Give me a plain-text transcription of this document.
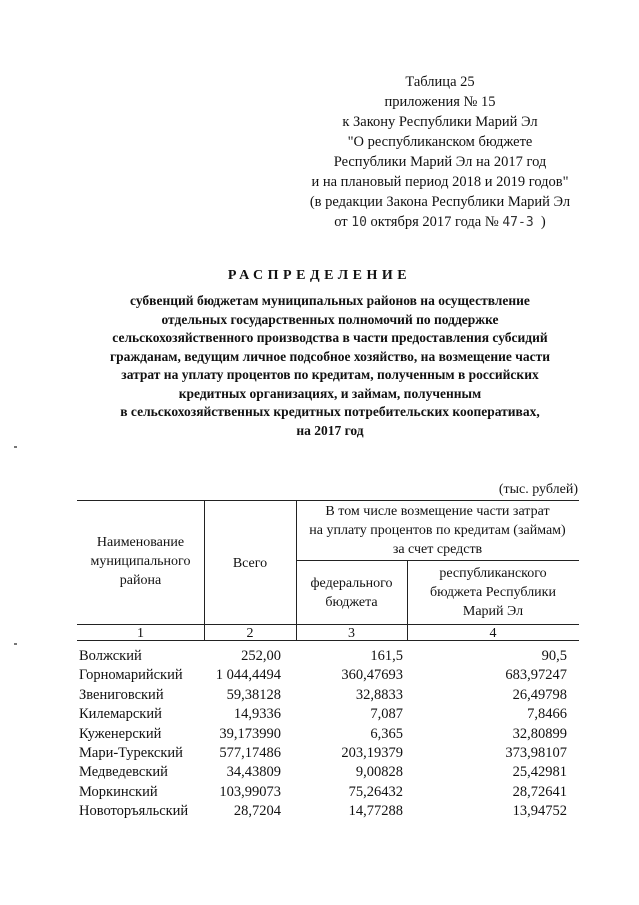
Таблица 25
приложения № 15
к Закону Республики Марий Эл
"О республиканском бюджете
Республики Марий Эл на 2017 год
и на плановый период 2018 и 2019 годов"
(в редакции Закона Республики Марий Эл
от 10 октября 2017 года № 47-З )
РАСПРЕДЕЛЕНИЕ
субвенций бюджетам муниципальных районов на осуществление
отдельных государственных полномочий по поддержке
сельскохозяйственного производства в части предоставления субсидий
гражданам, ведущим личное подсобное хозяйство, на возмещение части
затрат на уплату процентов по кредитам, полученным в российских
кредитных организациях, и займам, полученным
в сельскохозяйственных кредитных потребительских кооперативах,
на 2017 год
(тыс. рублей)
Наименование
муниципального
района
Всего
В том числе возмещение части затрат
на уплату процентов по кредитам (займам)
за счет средств
федерального
бюджета
республиканского
бюджета Республики
Марий Эл
1	2	3	4
Волжский	252,00	161,5	90,5
Горномарийский 1 044,4494	360,47693	683,97247
Звениговский	59,38128	32,8833	26,49798
Килемарский	14,9336	7,087	7,8466
Куженерский	39,173990	6,365	32,80899
Мари-Турекский	577,17486	203,19379	373,98107
Медведевский	34,43809	9,00828	25,42981
Моркинский	103,99073	75,26432	28,72641
Новоторъяльский	28,7204	14,77288	13,94752
